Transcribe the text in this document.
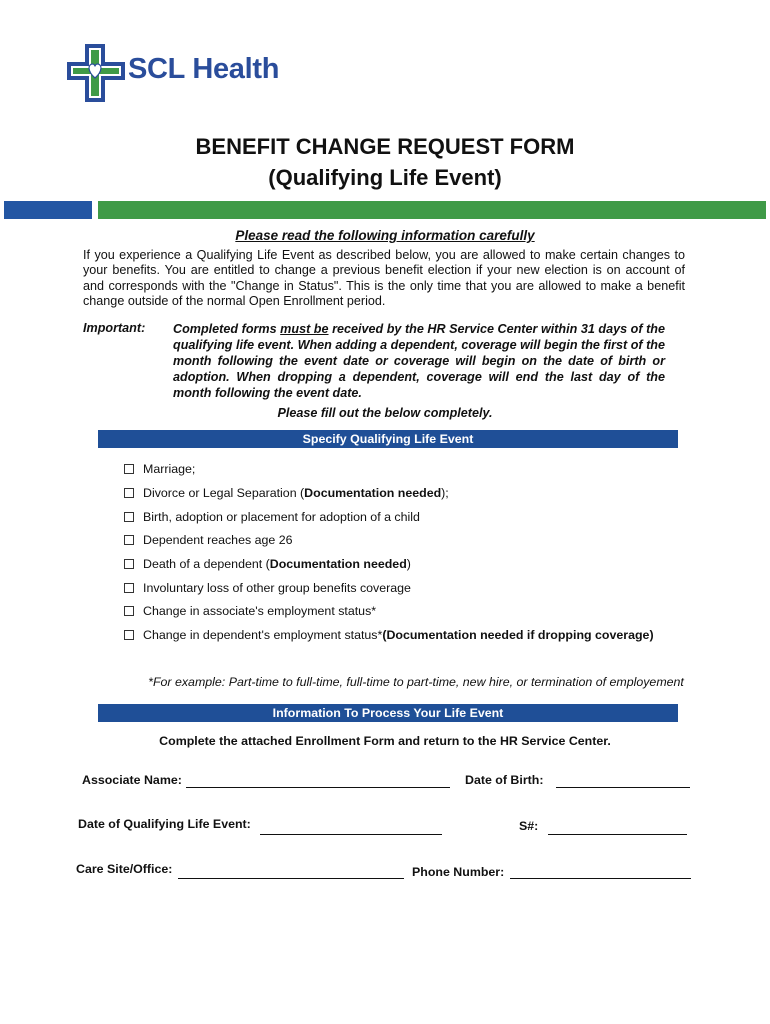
SCL Health
BENEFIT CHANGE REQUEST FORM
(Qualifying Life Event)
Please read the following information carefully
If you experience a Qualifying Life Event as described below, you are allowed to make certain changes to your benefits. You are entitled to change a previous benefit election if your new election is on account of and corresponds with the "Change in Status". This is the only time that you are allowed to make a benefit change outside of the normal Open Enrollment period.
Important: Completed forms must be received by the HR Service Center within 31 days of the qualifying life event. When adding a dependent, coverage will begin the first of the month following the event date or coverage will begin on the date of birth or adoption. When dropping a dependent, coverage will end the last day of the month following the event date.
Please fill out the below completely.
Specify Qualifying Life Event
Marriage;
Divorce or Legal Separation ( Documentation needed );
Birth, adoption or placement for adoption of a child
Dependent reaches age 26
Death of a dependent ( Documentation needed )
Involuntary loss of other group benefits coverage
Change in associate's employment status*
Change in dependent's employment status* (Documentation needed if dropping coverage)
*For example: Part-time to full-time, full-time to part-time, new hire, or termination of employement
Information To Process Your Life Event
Complete the attached Enrollment Form and return to the HR Service Center.
Associate Name:	Date of Birth:
Date of Qualifying Life Event:	S#:
Care Site/Office:	Phone Number:
